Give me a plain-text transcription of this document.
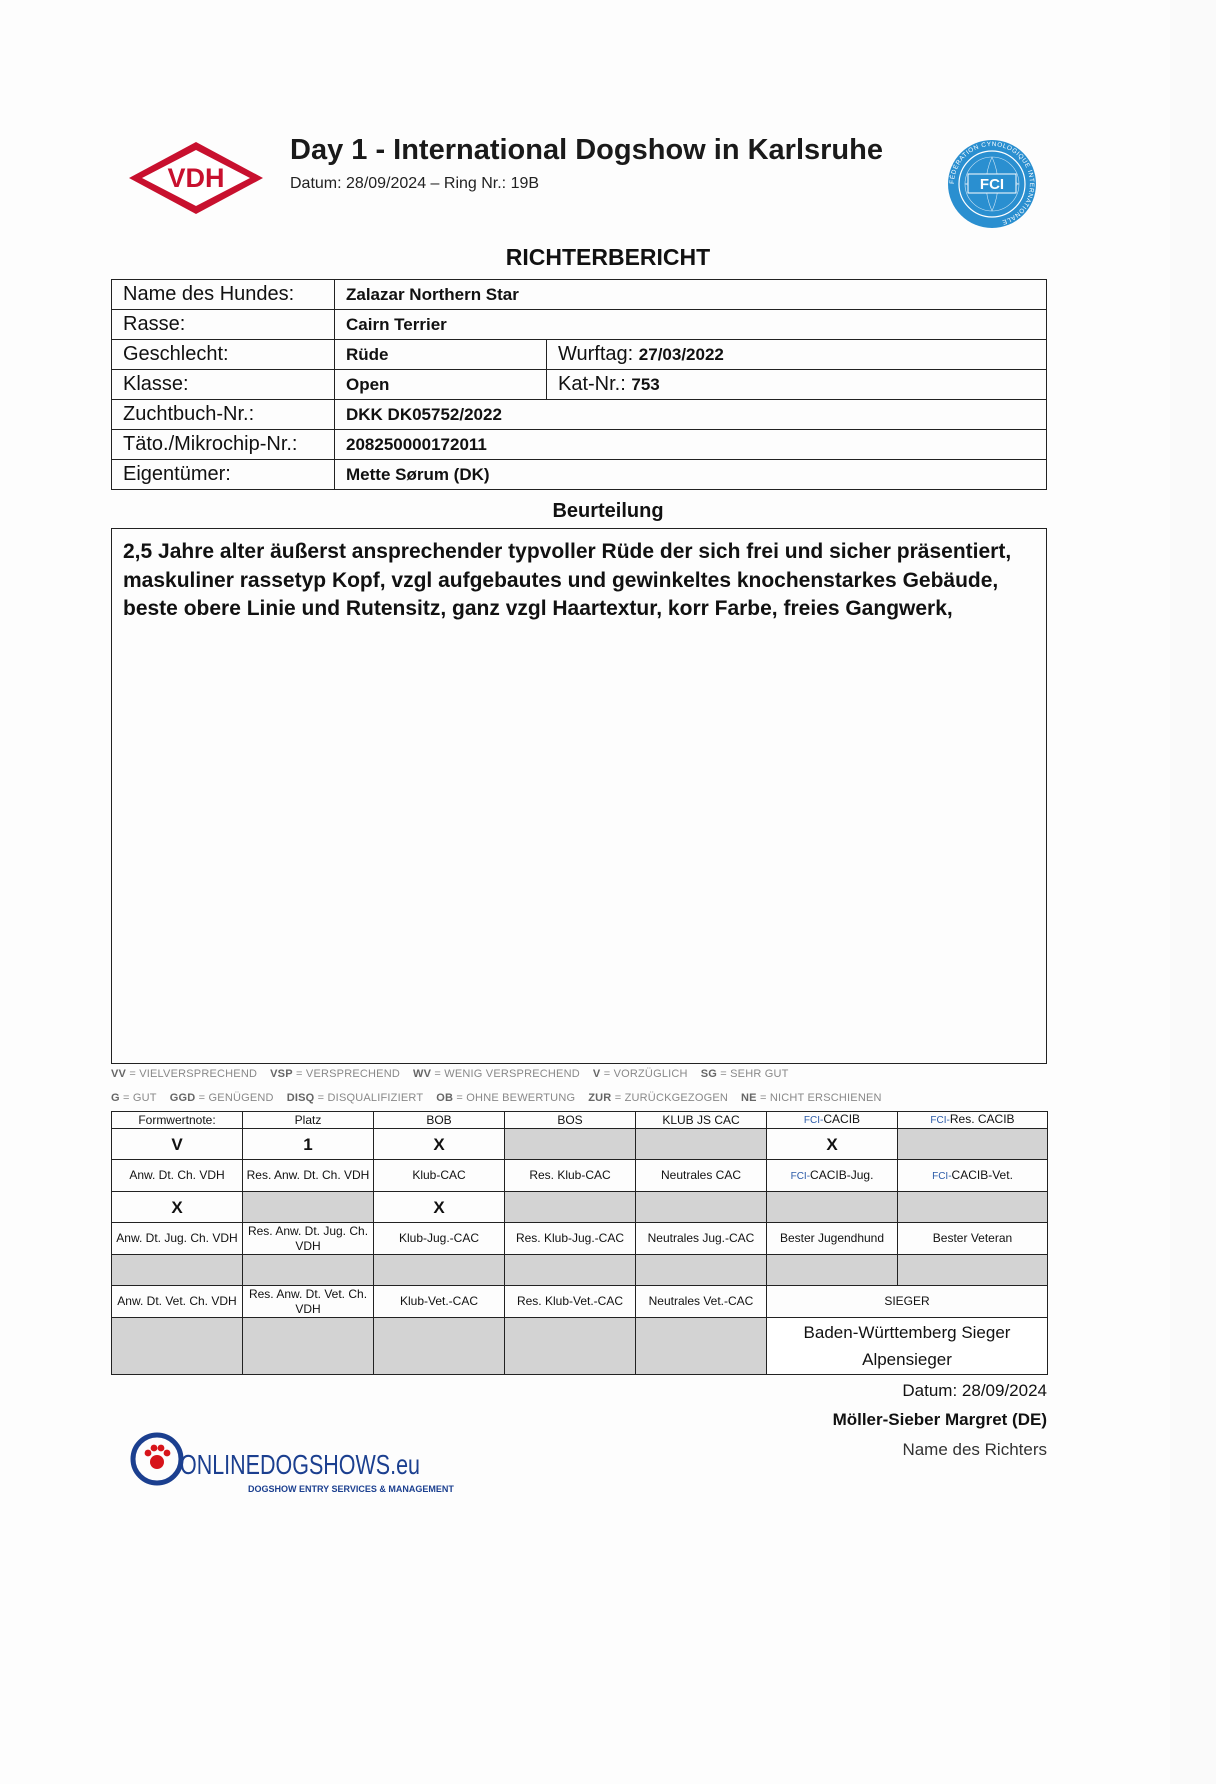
VDH
Day 1 - International Dogshow in Karlsruhe
Datum: 28/09/2024 – Ring Nr.: 19B	FCI
FÉDÉRATION CYNOLOGIQUE INTERNATIONALE
RICHTERBERICHT
Name des Hundes:	Zalazar Northern Star	
Rasse:	Cairn Terrier	
Geschlecht:	Rüde	Wurftag: 27/03/2022
Klasse:	Open	Kat-Nr.: 753
Zuchtbuch-Nr.:	DKK DK05752/2022	
Täto./Mikrochip-Nr.:	208250000172011	
Eigentümer:	Mette Sørum (DK)	
Beurteilung
2,5 Jahre alter äußerst ansprechender typvoller Rüde der sich frei und sicher präsentiert, maskuliner rassetyp Kopf, vzgl aufgebautes und gewinkeltes knochenstarkes Gebäude, beste obere Linie und Rutensitz, ganz vzgl Haartextur, korr Farbe, freies Gangwerk,
VV = VIELVERSPRECHEND VSP = VERSPRECHEND WV = WENIG VERSPRECHEND V = VORZÜGLICH SG = SEHR GUT
G = GUT GGD = GENÜGEND DISQ = DISQUALIFIZIERT OB = OHNE BEWERTUNG ZUR = ZURÜCKGEZOGEN NE = NICHT ERSCHIENEN
Formwertnote:	Platz	BOB	BOS	KLUB JS CAC	FCI-CACIB	FCI-Res. CACIB
V	1	X			X	
Anw. Dt. Ch. VDH	Res. Anw. Dt. Ch. VDH	Klub-CAC	Res. Klub-CAC	Neutrales CAC	FCI-CACIB-Jug.	FCI-CACIB-Vet.
X		X				
Anw. Dt. Jug. Ch. VDH	Res. Anw. Dt. Jug. Ch. VDH	Klub-Jug.-CAC	Res. Klub-Jug.-CAC	Neutrales Jug.-CAC	Bester Jugendhund	Bester Veteran

Anw. Dt. Vet. Ch. VDH	Res. Anw. Dt. Vet. Ch. VDH	Klub-Vet.-CAC	Res. Klub-Vet.-CAC	Neutrales Vet.-CAC	SIEGER	

					Baden-Württemberg Sieger
Alpensieger	
Datum: 28/09/2024
Möller-Sieber Margret (DE)
Name des Richters
ONLINEDOGSHOWS.eu
DOGSHOW ENTRY SERVICES & MANAGEMENT
